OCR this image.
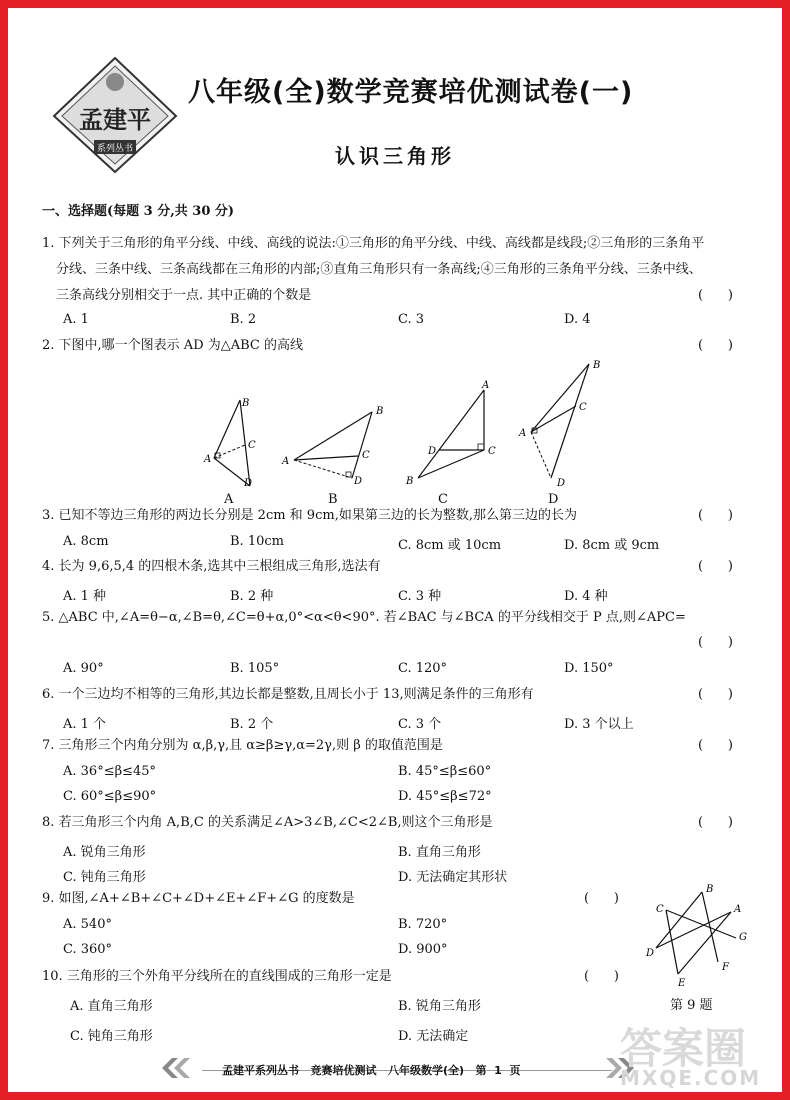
孟建平
系列丛书
八年级(全)数学竞赛培优测试卷(一)
认识三角形
一、选择题(每题 3 分,共 30 分)
1. 下列关于三角形的角平分线、中线、高线的说法:①三角形的角平分线、中线、高线都是线段;②三角形的三条角平
分线、三条中线、三条高线都在三角形的内部;③直角三角形只有一条高线;④三角形的三条角平分线、三条中线、
三条高线分别相交于一点. 其中正确的个数是	(      )
A. 1	B. 2	C. 3	D. 4
2. 下图中,哪一个图表示 AD 为△ABC 的高线	(      )
B
C
A
D
A
B
C
A
D
B
A
D	C
B
C
B
C
A
D
D
3. 已知不等边三角形的两边长分别是 2cm 和 9cm,如果第三边的长为整数,那么第三边的长为	(      )
A. 8cm	B. 10cm	C. 8cm 或 10cm	D. 8cm 或 9cm
4. 长为 9,6,5,4 的四根木条,选其中三根组成三角形,选法有	(      )
A. 1 种	B. 2 种	C. 3 种	D. 4 种
5. △ABC 中,∠A=θ−α,∠B=θ,∠C=θ+α,0°<α<θ<90°. 若∠BAC 与∠BCA 的平分线相交于 P 点,则∠APC=
(      )
A. 90°	B. 105°	C. 120°	D. 150°
6. 一个三边均不相等的三角形,其边长都是整数,且周长小于 13,则满足条件的三角形有	(      )
A. 1 个	B. 2 个	C. 3 个	D. 3 个以上
7. 三角形三个内角分别为 α,β,γ,且 α≥β≥γ,α=2γ,则 β 的取值范围是	(      )
A. 36°≤β≤45°	B. 45°≤β≤60°
C. 60°≤β≤90°	D. 45°≤β≤72°
8. 若三角形三个内角 A,B,C 的关系满足∠A>3∠B,∠C<2∠B,则这个三角形是	(      )
A. 锐角三角形	B. 直角三角形
C. 钝角三角形	D. 无法确定其形状
9. 如图,∠A+∠B+∠C+∠D+∠E+∠F+∠G 的度数是	(      )
A. 540°	B. 720°
C. 360°	D. 900°
B
C	A
G
D
F
E
第 9 题
10. 三角形的三个外角平分线所在的直线围成的三角形一定是	(      )
A. 直角三角形	B. 锐角三角形
C. 钝角三角形	D. 无法确定
孟建平系列丛书   竞赛培优测试   八年级数学(全)   第  1  页 答案圈
MXQE.COM
